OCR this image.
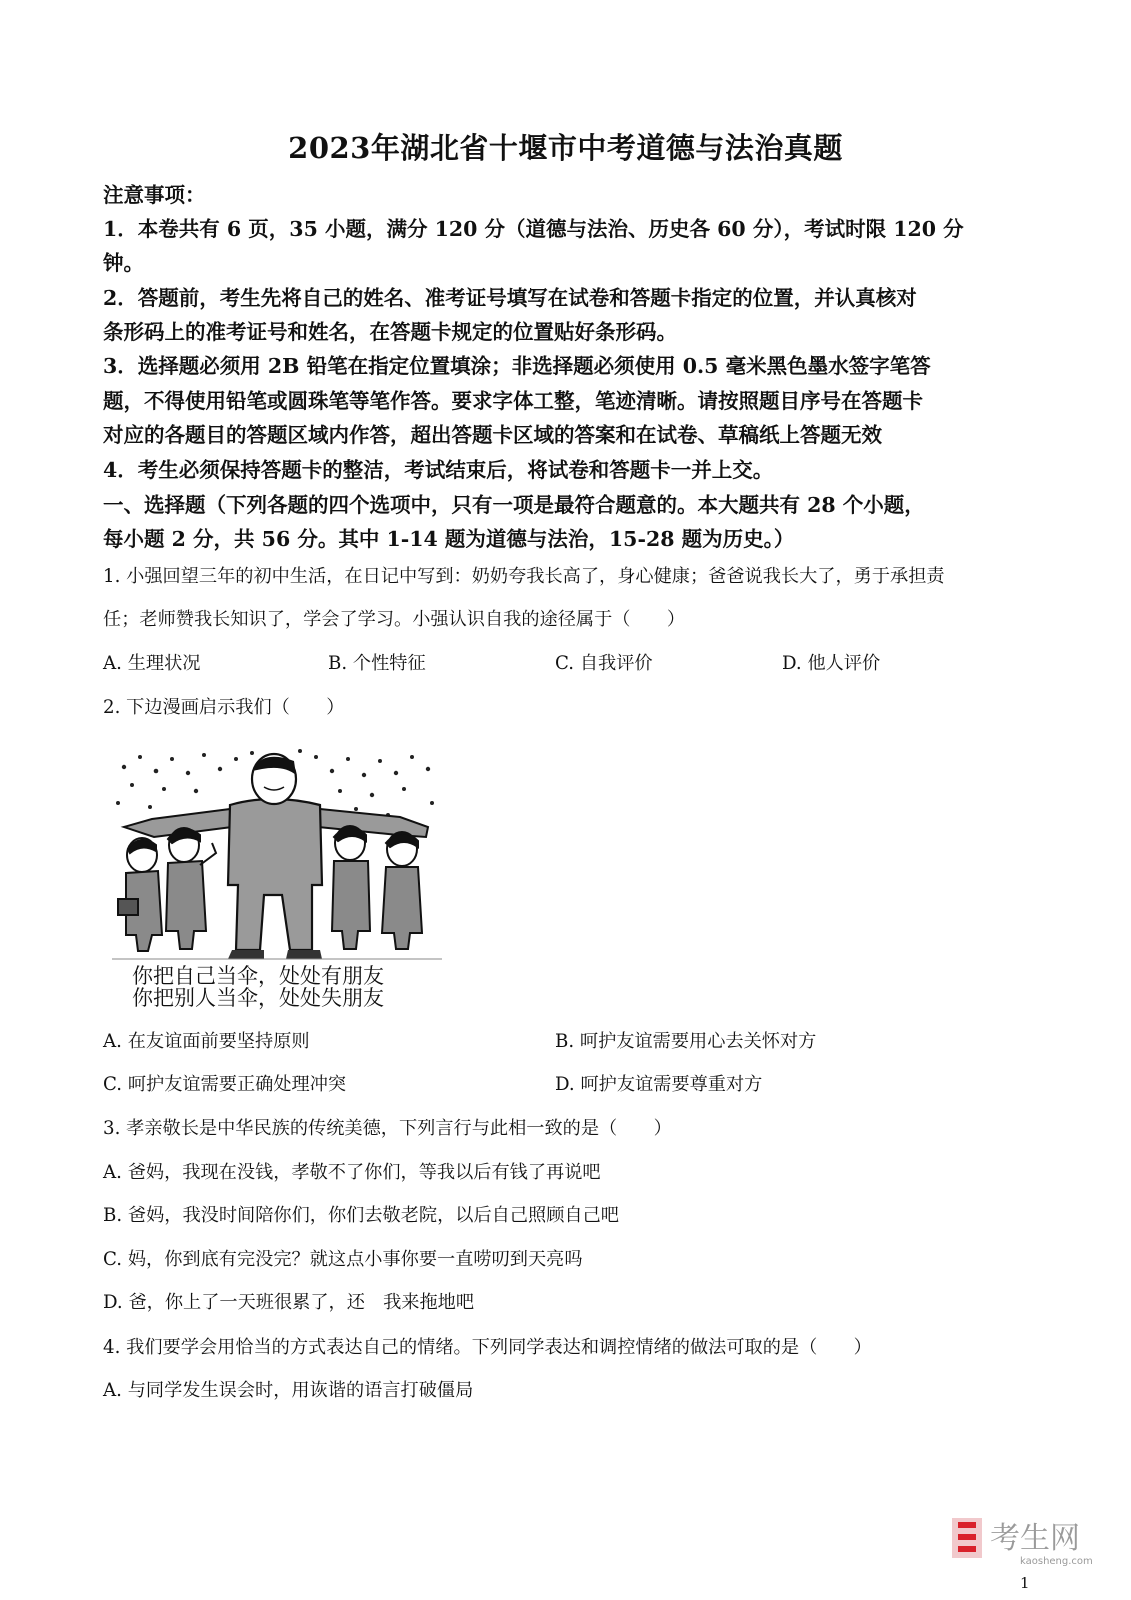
2023年湖北省十堰市中考道德与法治真题
注意事项：
1．本卷共有 6 页，35 小题，满分 120 分（道德与法治、历史各 60 分），考试时限 120 分
钟。
2．答题前，考生先将自己的姓名、准考证号填写在试卷和答题卡指定的位置，并认真核对
条形码上的准考证号和姓名，在答题卡规定的位置贴好条形码。
3．选择题必须用 2B 铅笔在指定位置填涂；非选择题必须使用 0.5 毫米黑色墨水签字笔答
题，不得使用铅笔或圆珠笔等笔作答。要求字体工整，笔迹清晰。请按照题目序号在答题卡
对应的各题目的答题区域内作答，超出答题卡区域的答案和在试卷、草稿纸上答题无效
4．考生必须保持答题卡的整洁，考试结束后，将试卷和答题卡一并上交。
一、选择题（下列各题的四个选项中，只有一项是最符合题意的。本大题共有 28 个小题，
每小题 2 分，共 56 分。其中 1-14 题为道德与法治，15-28 题为历史。）
1. 小强回望三年的初中生活，在日记中写到：奶奶夸我长高了，身心健康；爸爸说我长大了，勇于承担责
任；老师赞我长知识了，学会了学习。小强认识自我的途径属于（　　）
A. 生理状况	B. 个性特征	C. 自我评价	D. 他人评价
2. 下边漫画启示我们（　　）
你把自己当伞，处处有朋友
你把别人当伞，处处失朋友
A. 在友谊面前要坚持原则	B. 呵护友谊需要用心去关怀对方
C. 呵护友谊需要正确处理冲突	D. 呵护友谊需要尊重对方
3. 孝亲敬长是中华民族的传统美德，下列言行与此相一致的是（　　）
A. 爸妈，我现在没钱，孝敬不了你们，等我以后有钱了再说吧
B. 爸妈，我没时间陪你们，你们去敬老院，以后自己照顾自己吧
C. 妈，你到底有完没完？就这点小事你要一直唠叨到天亮吗
D. 爸，你上了一天班很累了，还　我来拖地吧
4. 我们要学会用恰当的方式表达自己的情绪。下列同学表达和调控情绪的做法可取的是（　　）
A. 与同学发生误会时，用诙谐的语言打破僵局
考生网
kaosheng.com
1
